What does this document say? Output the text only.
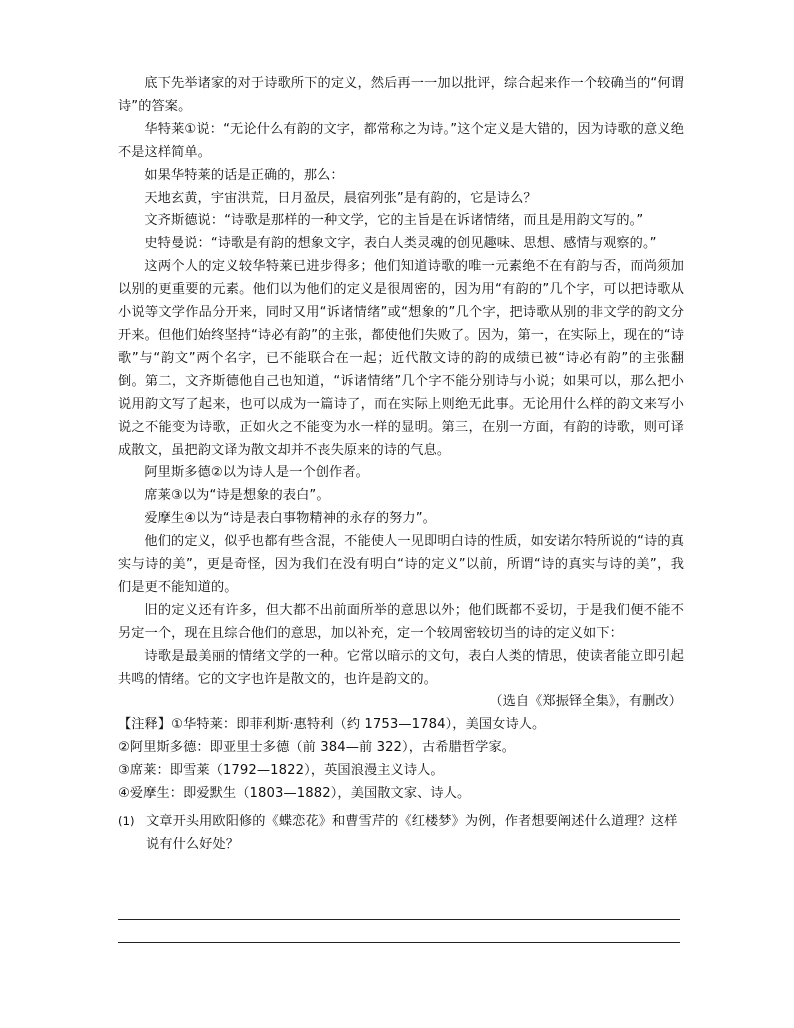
底下先举诸家的对于诗歌所下的定义，然后再一一加以批评，综合起来作一个较确当的“何谓诗”的答案。

华特莱①说：“无论什么有韵的文字，都常称之为诗。”这个定义是大错的，因为诗歌的意义绝不是这样简单。

如果华特莱的话是正确的，那么：

天地玄黄，宇宙洪荒，日月盈昃，晨宿列张”是有韵的，它是诗么？

文齐斯德说：“诗歌是那样的一种文学，它的主旨是在诉诸情绪，而且是用韵文写的。”

史特曼说：“诗歌是有韵的想象文字，表白人类灵魂的创见趣味、思想、感情与观察的。”

这两个人的定义较华特莱已进步得多；他们知道诗歌的唯一元素绝不在有韵与否，而尚须加以别的更重要的元素。他们以为他们的定义是很周密的，因为用“有韵的”几个字，可以把诗歌从小说等文学作品分开来，同时又用“诉诸情绪”或“想象的”几个字，把诗歌从别的非文学的韵文分开来。但他们始终坚持“诗必有韵”的主张，都使他们失败了。因为，第一，在实际上，现在的“诗歌”与“韵文”两个名字，已不能联合在一起；近代散文诗的韵的成绩已被“诗必有韵”的主张翻倒。第二，文齐斯德他自己也知道，“诉诸情绪”几个字不能分别诗与小说；如果可以，那么把小说用韵文写了起来，也可以成为一篇诗了，而在实际上则绝无此事。无论用什么样的韵文来写小说之不能变为诗歌，正如火之不能变为水一样的显明。第三，在别一方面，有韵的诗歌，则可译成散文，虽把韵文译为散文却并不丧失原来的诗的气息。

阿里斯多德②以为诗人是一个创作者。

席莱③以为“诗是想象的表白”。

爱摩生④以为“诗是表白事物精神的永存的努力”。

他们的定义，似乎也都有些含混，不能使人一见即明白诗的性质，如安诺尔特所说的“诗的真实与诗的美”，更是奇怪，因为我们在没有明白“诗的定义”以前，所谓“诗的真实与诗的美”，我们是更不能知道的。

旧的定义还有许多，但大都不出前面所举的意思以外；他们既都不妥切，于是我们便不能不另定一个，现在且综合他们的意思，加以补充，定一个较周密较切当的诗的定义如下：

诗歌是最美丽的情绪文学的一种。它常以暗示的文句，表白人类的情思，使读者能立即引起共鸣的情绪。它的文字也许是散文的，也许是韵文的。

（选自《郑振铎全集》，有删改）

【注释】①华特莱：即菲利斯·惠特利（约 1753—1784），美国女诗人。

②阿里斯多德：即亚里士多德（前 384—前 322），古希腊哲学家。

③席莱：即雪莱（1792—1822），英国浪漫主义诗人。

④爱摩生：即爱默生（1803—1882），美国散文家、诗人。

(1) 文章开头用欧阳修的《蝶恋花》和曹雪芹的《红楼梦》为例，作者想要阐述什么道理？这样说有什么好处？
